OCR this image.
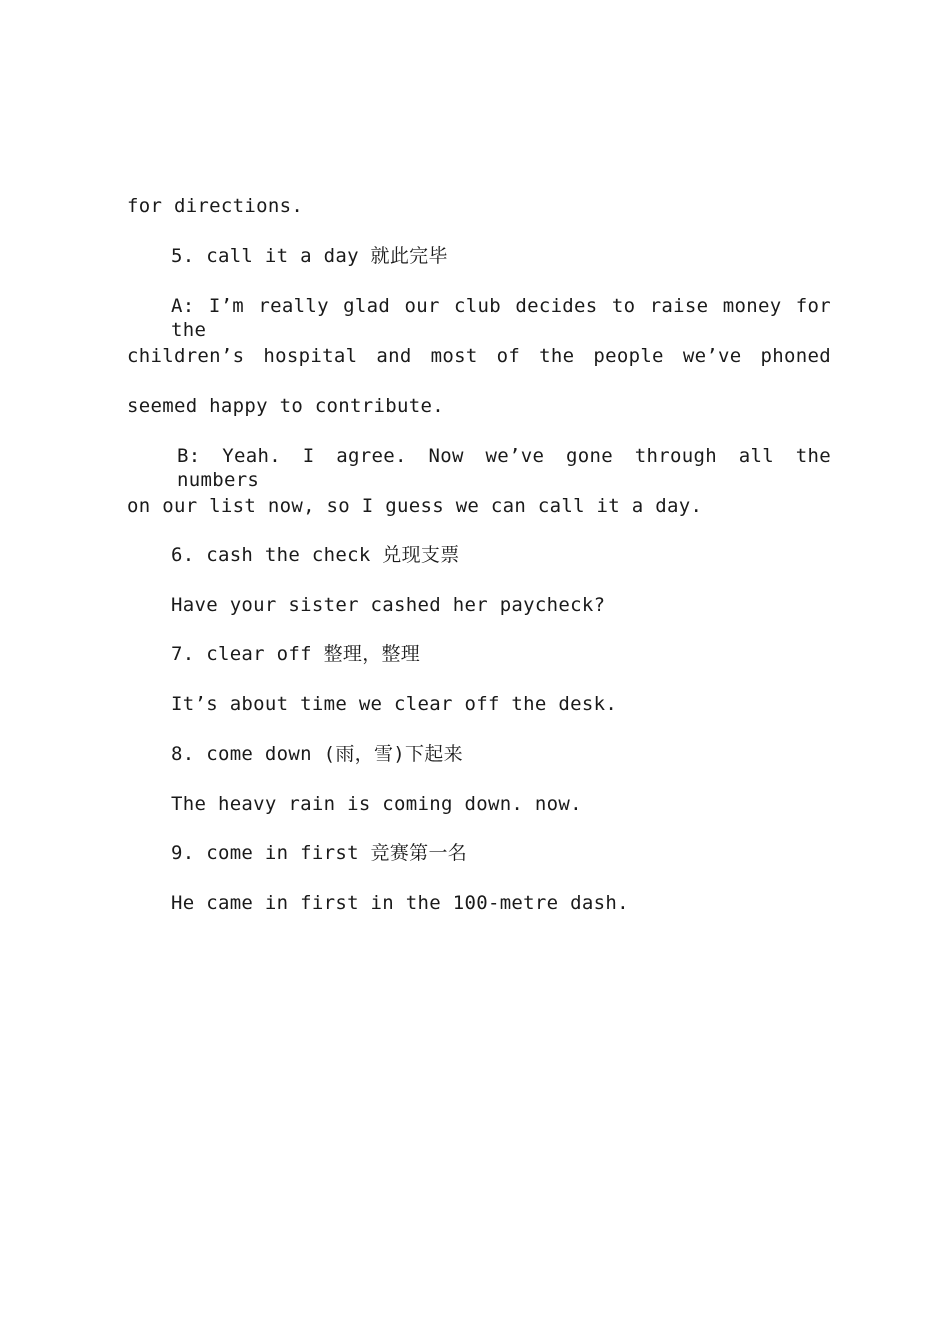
for directions.
5. call it a day 就此完毕
A: I’m really glad our club decides to raise money for the
children’s hospital and most of the people we’ve phoned
seemed happy to contribute.
B: Yeah. I agree. Now we’ve gone through all the numbers
on our list now, so I guess we can call it a day.
6. cash the check 兑现支票
Have your sister cashed her paycheck?
7. clear off 整理，整理
It’s about time we clear off the desk.
8. come down (雨，雪)下起来
The heavy rain is coming down. now.
9. come in first 竞赛第一名
He came in first in the 100-metre dash.
